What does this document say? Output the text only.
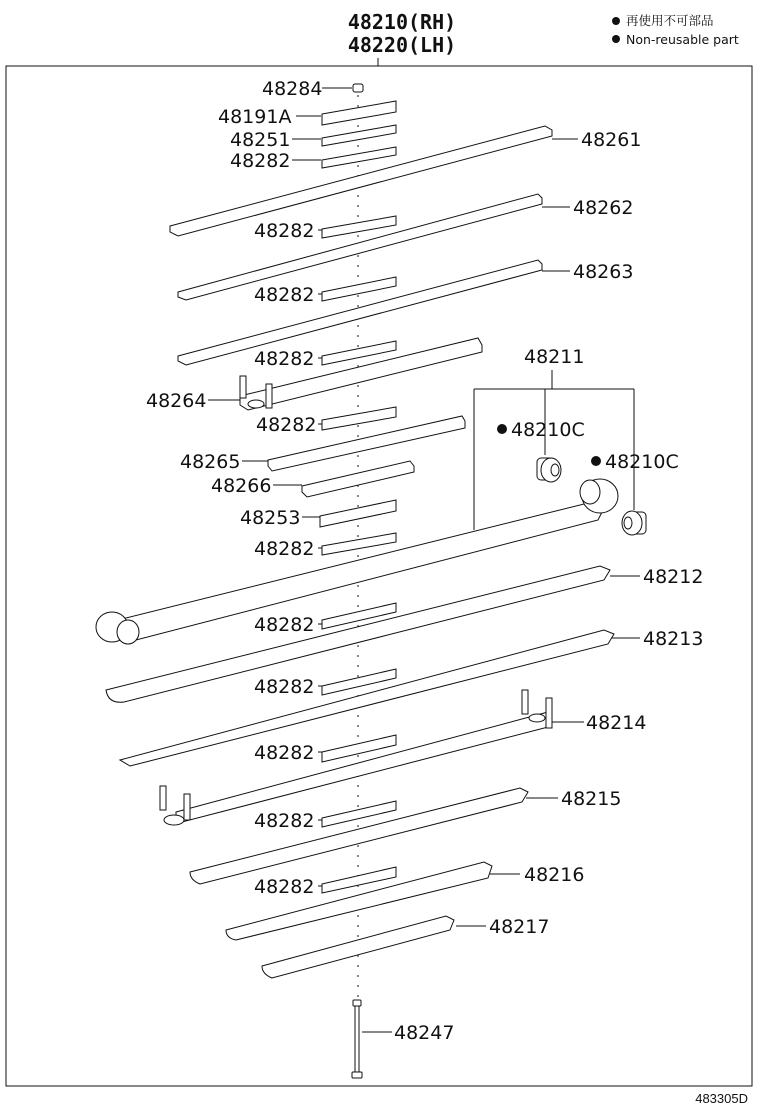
48210(RH)
48220(LH)
再使用不可部品
Non-reusable part
483305D
48284
48191A
48251
48282
48261
48282
48262
48282
48263
48282
48264
48282
48265
48266
48253
48282
48211
48210C
48210C
48282
48212
48282
48213
48282
48214
48282
48215
48282
48216
48217
48247
